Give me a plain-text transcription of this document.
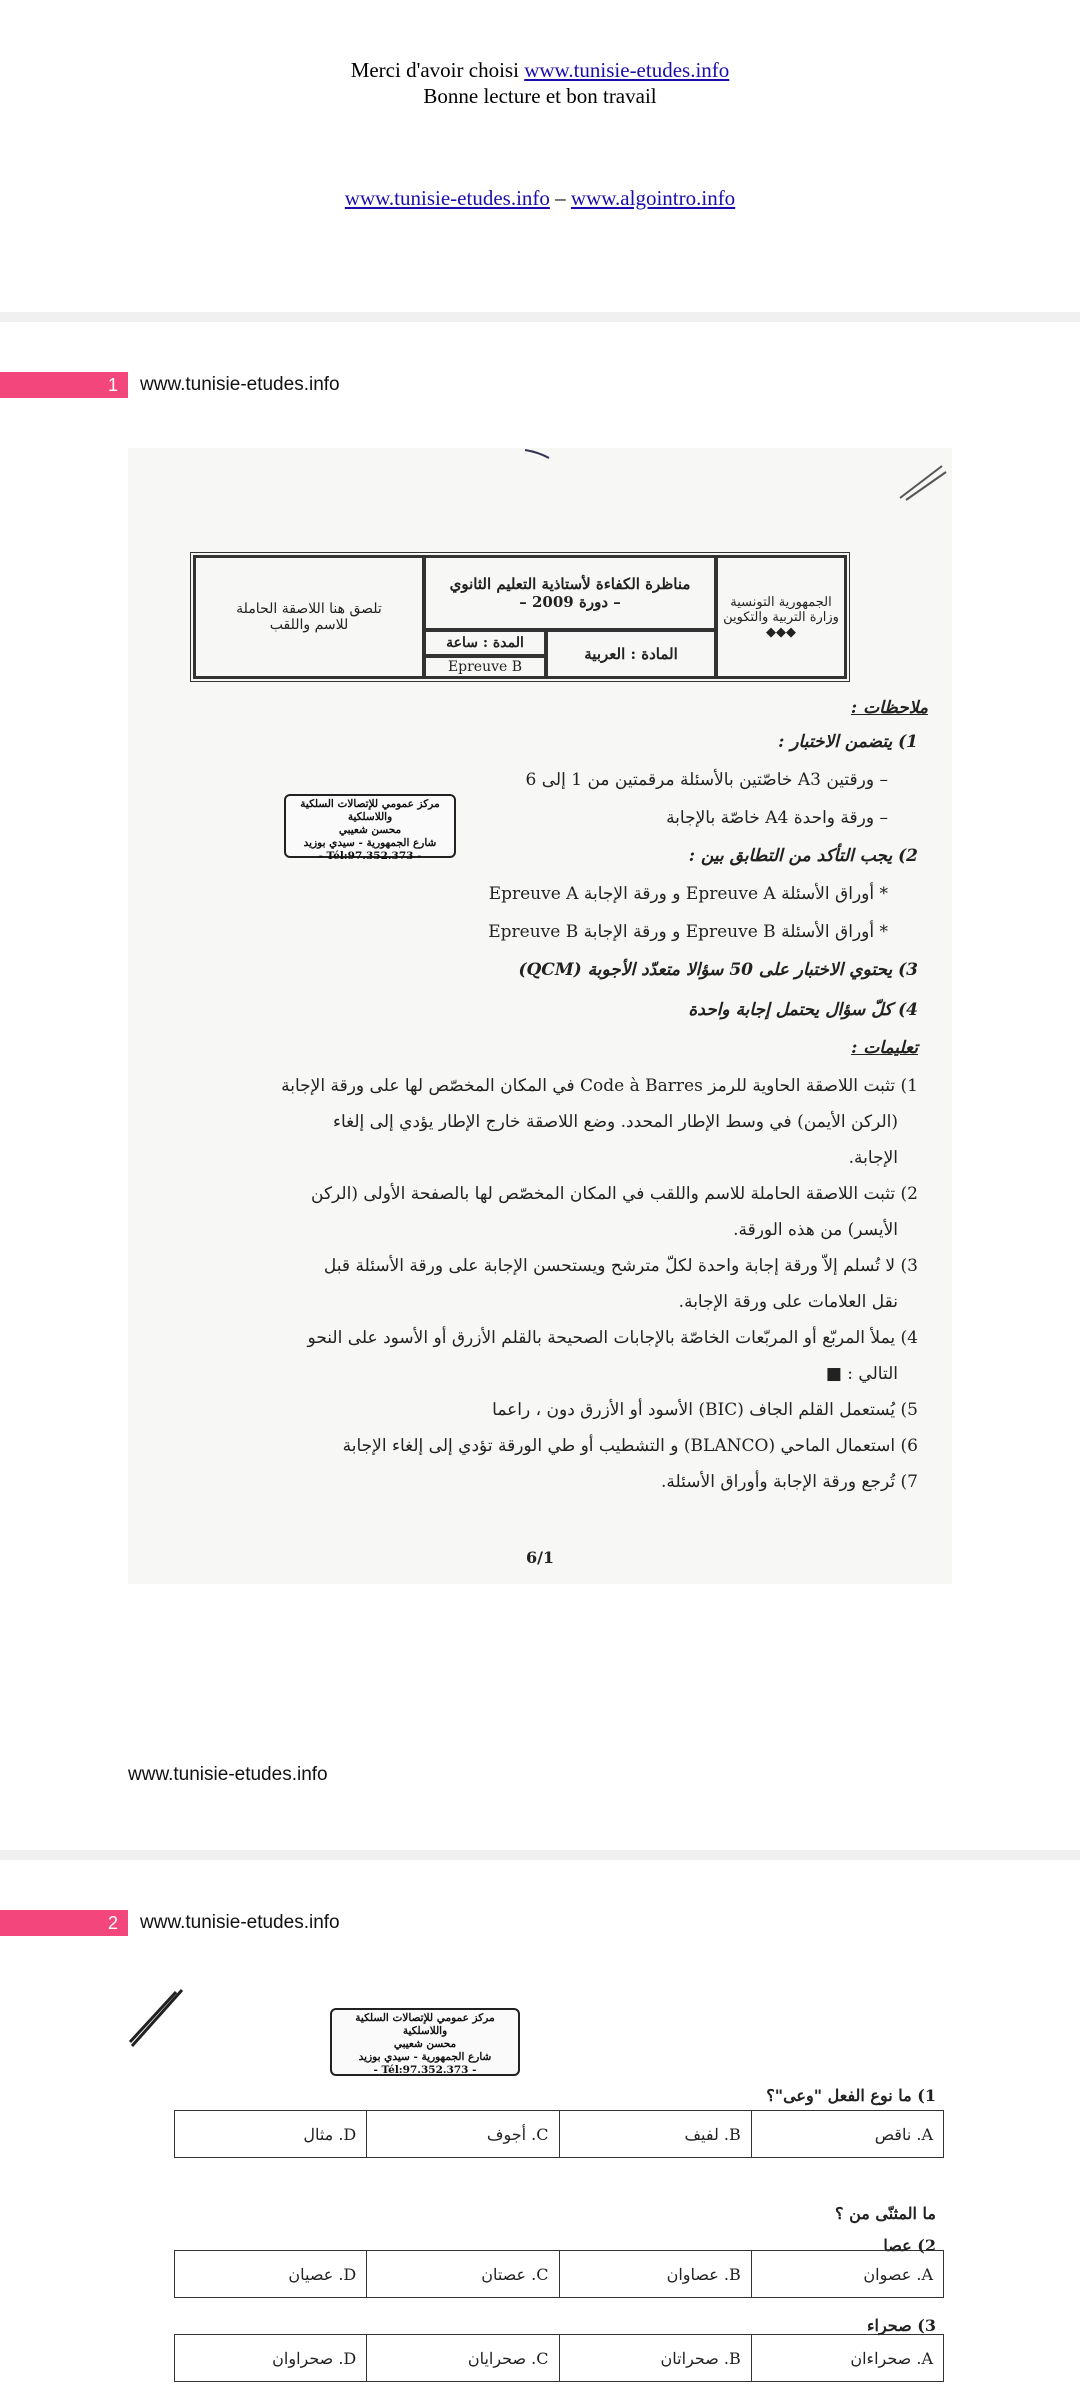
Merci d'avoir choisi www.tunisie-etudes.info
Bonne lecture et bon travail
www.tunisie-etudes.info – www.algointro.info
1	www.tunisie-etudes.info
الجمهورية التونسية
وزارة التربية والتكوين
◆◆◆
مناظرة الكفاءة لأستاذية التعليم الثانوي
– دورة 2009 –
المادة : العربية
المدة : ساعة
Epreuve B
تلصق هنا اللاصقة الحاملة للاسم واللقب
مركز عمومي للإتصالات السلكية واللاسلكية
محسن شعيبي
شارع الجمهورية - سيدي بوزيد
- Tél:97.352.373 -
ملاحظات :
1) يتضمن الاختبار :
– ورقتين A3 خاصّتين بالأسئلة مرقمتين من 1 إلى 6
– ورقة واحدة A4 خاصّة بالإجابة
2) يجب التأكد من التطابق بين :
* أوراق الأسئلة Epreuve A و ورقة الإجابة Epreuve A
* أوراق الأسئلة Epreuve B و ورقة الإجابة Epreuve B
3) يحتوي الاختبار على 50 سؤالا متعدّد الأجوبة (QCM)
4) كلّ سؤال يحتمل إجابة واحدة
تعليمات :
1) تثبت اللاصقة الحاوية للرمز Code à Barres في المكان المخصّص لها على ورقة الإجابة
(الركن الأيمن) في وسط الإطار المحدد. وضع اللاصقة خارج الإطار يؤدي إلى إلغاء
الإجابة.
2) تثبت اللاصقة الحاملة للاسم واللقب في المكان المخصّص لها بالصفحة الأولى (الركن
الأيسر) من هذه الورقة.
3) لا تُسلم إلاّ ورقة إجابة واحدة لكلّ مترشح ويستحسن الإجابة على ورقة الأسئلة قبل
نقل العلامات على ورقة الإجابة.
4) يملأ المربّع أو المربّعات الخاصّة بالإجابات الصحيحة بالقلم الأزرق أو الأسود على النحو
التالي : ■
5) يُستعمل القلم الجاف (BIC) الأسود أو الأزرق دون ، راعما
6) استعمال الماحي (BLANCO) و التشطيب أو طي الورقة تؤدي إلى إلغاء الإجابة
7) تُرجع ورقة الإجابة وأوراق الأسئلة.
6/1
www.tunisie-etudes.info
2	www.tunisie-etudes.info
مركز عمومي للإتصالات السلكية واللاسلكية
محسن شعيبي
شارع الجمهورية - سيدي بوزيد
- Tél:97.352.373 -
1) ما نوع الفعل "وعى"؟
A. ناقص	B. لفيف	C. أجوف	D. مثال
ما المثنّى من ؟
2) عصا
A. عصوان	B. عصاوان	C. عصتان	D. عصيان
3) صحراء
A. صحراءان	B. صحراتان	C. صحرايان	D. صحراوان
